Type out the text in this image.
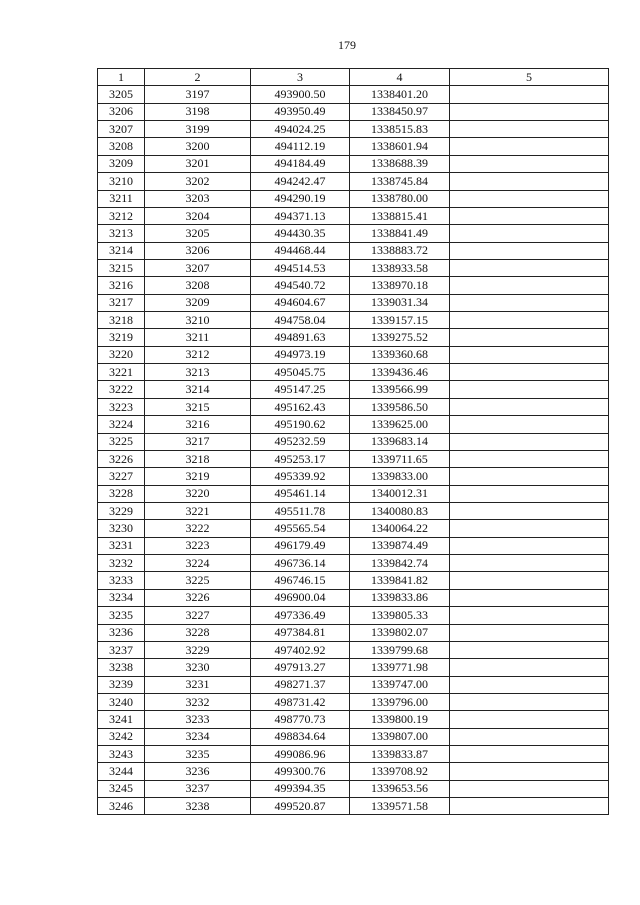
179
1	2	3	4	5
3205	3197	493900.50	1338401.20	
3206	3198	493950.49	1338450.97	
3207	3199	494024.25	1338515.83	
3208	3200	494112.19	1338601.94	
3209	3201	494184.49	1338688.39	
3210	3202	494242.47	1338745.84	
3211	3203	494290.19	1338780.00	
3212	3204	494371.13	1338815.41	
3213	3205	494430.35	1338841.49	
3214	3206	494468.44	1338883.72	
3215	3207	494514.53	1338933.58	
3216	3208	494540.72	1338970.18	
3217	3209	494604.67	1339031.34	
3218	3210	494758.04	1339157.15	
3219	3211	494891.63	1339275.52	
3220	3212	494973.19	1339360.68	
3221	3213	495045.75	1339436.46	
3222	3214	495147.25	1339566.99	
3223	3215	495162.43	1339586.50	
3224	3216	495190.62	1339625.00	
3225	3217	495232.59	1339683.14	
3226	3218	495253.17	1339711.65	
3227	3219	495339.92	1339833.00	
3228	3220	495461.14	1340012.31	
3229	3221	495511.78	1340080.83	
3230	3222	495565.54	1340064.22	
3231	3223	496179.49	1339874.49	
3232	3224	496736.14	1339842.74	
3233	3225	496746.15	1339841.82	
3234	3226	496900.04	1339833.86	
3235	3227	497336.49	1339805.33	
3236	3228	497384.81	1339802.07	
3237	3229	497402.92	1339799.68	
3238	3230	497913.27	1339771.98	
3239	3231	498271.37	1339747.00	
3240	3232	498731.42	1339796.00	
3241	3233	498770.73	1339800.19	
3242	3234	498834.64	1339807.00	
3243	3235	499086.96	1339833.87	
3244	3236	499300.76	1339708.92	
3245	3237	499394.35	1339653.56	
3246	3238	499520.87	1339571.58	
